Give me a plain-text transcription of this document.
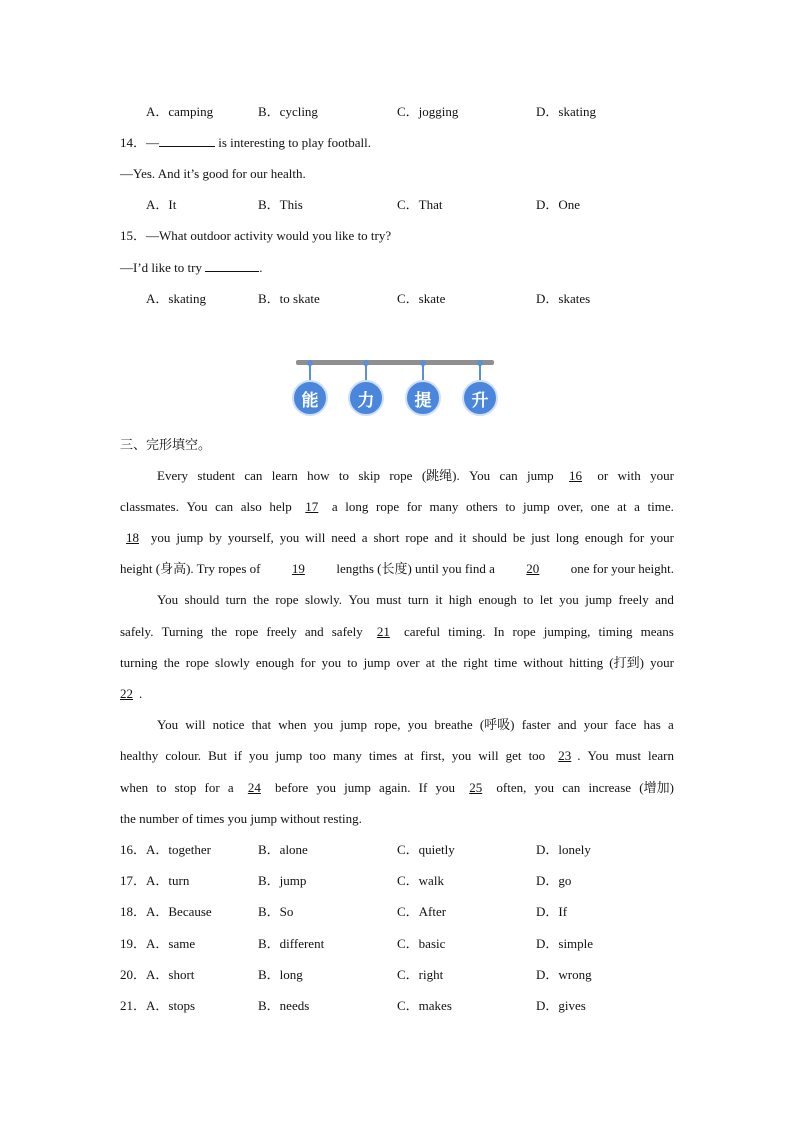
A．camping	B．cycling	C．jogging	D．skating
14．—	is interesting to play football.
—Yes. And it’s good for our health.
A．It	B．This	C．That	D．One
15．—What outdoor activity would you like to try?
—I’d like to try	.
A．skating	B．to skate	C．skate	D．skates
能	力	提	升
三、完形填空。
Every student can learn how to skip rope (跳绳). You can jump	16	or with your
classmates. You can also help	17	a long rope for many others to jump over, one at a time.
18 you jump by yourself, you will need a short rope and it should be just long enough for your
height (身高). Try ropes of	19	lengths (长度) until you find a	20	one for your height.
You should turn the rope slowly. You must turn it high enough to let you jump freely and
safely. Turning the rope freely and safely	21	careful timing. In rope jumping, timing means
turning the rope slowly enough for you to jump over at the right time without hitting (打到) your
22 .
You will notice that when you jump rope, you breathe (呼吸) faster and your face has a
healthy colour. But if you jump too many times at first, you will get too	23 . You must learn
when to stop for a	24	before you jump again. If you	25	often, you can increase (增加)
the number of times you jump without resting.
16．A．together	B．alone	C．quietly	D．lonely
17．A．turn	B．jump	C．walk	D．go
18．A．Because	B．So	C．After	D．If
19．A．same	B．different	C．basic	D．simple
20．A．short	B．long	C．right	D．wrong
21．A．stops	B．needs	C．makes	D．gives
